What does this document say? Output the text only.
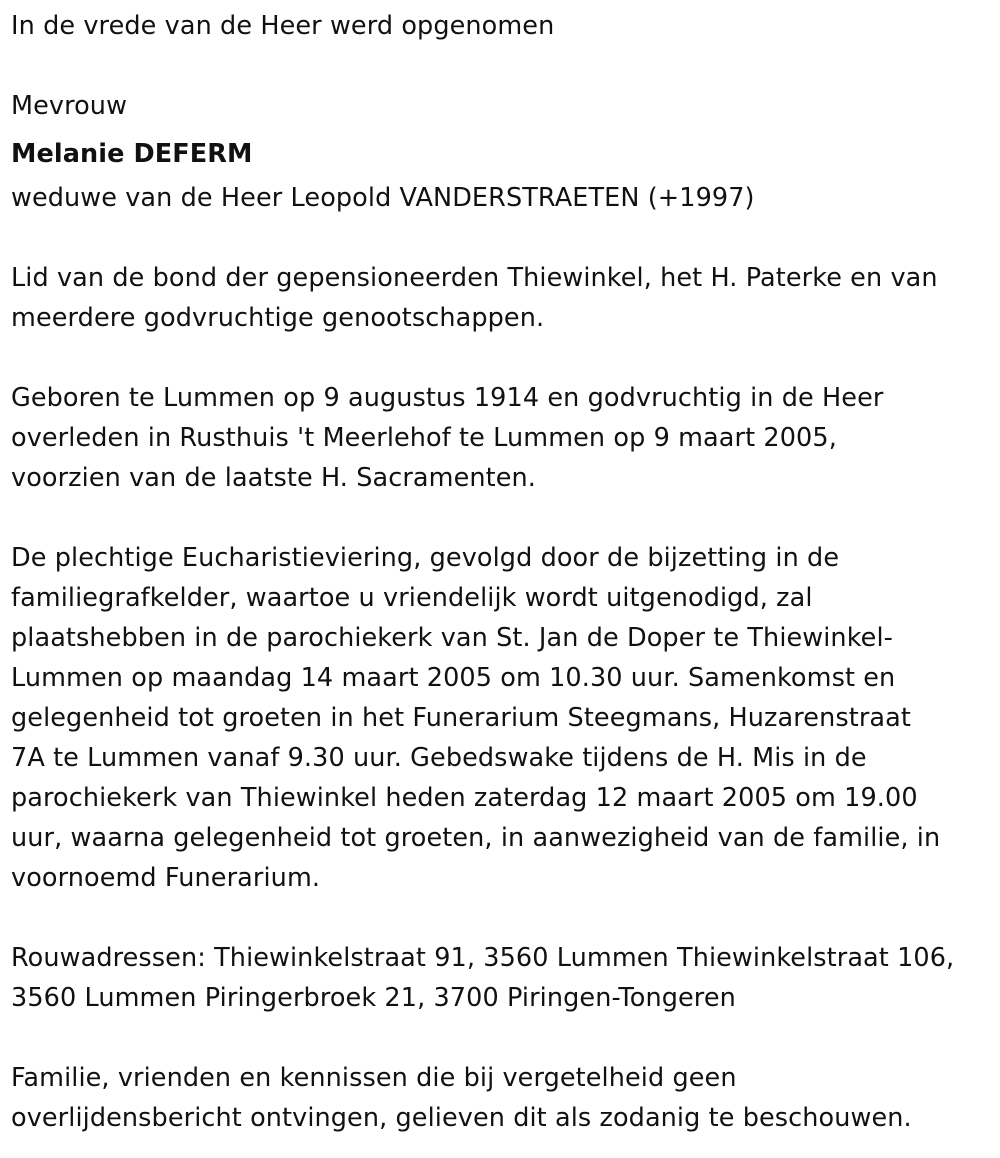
In de vrede van de Heer werd opgenomen

Mevrouw

Melanie DEFERM

weduwe van de Heer Leopold VANDERSTRAETEN (+1997)

Lid van de bond der gepensioneerden Thiewinkel, het H. Paterke en van

meerdere godvruchtige genootschappen.

Geboren te Lummen op 9 augustus 1914 en godvruchtig in de Heer

overleden in Rusthuis 't Meerlehof te Lummen op 9 maart 2005,

voorzien van de laatste H. Sacramenten.

De plechtige Eucharistieviering, gevolgd door de bijzetting in de

familiegrafkelder, waartoe u vriendelijk wordt uitgenodigd, zal

plaatshebben in de parochiekerk van St. Jan de Doper te Thiewinkel-

Lummen op maandag 14 maart 2005 om 10.30 uur. Samenkomst en

gelegenheid tot groeten in het Funerarium Steegmans, Huzarenstraat

7A te Lummen vanaf 9.30 uur. Gebedswake tijdens de H. Mis in de

parochiekerk van Thiewinkel heden zaterdag 12 maart 2005 om 19.00

uur, waarna gelegenheid tot groeten, in aanwezigheid van de familie, in

voornoemd Funerarium.

Rouwadressen: Thiewinkelstraat 91, 3560 Lummen Thiewinkelstraat 106,

3560 Lummen Piringerbroek 21, 3700 Piringen-Tongeren

Familie, vrienden en kennissen die bij vergetelheid geen

overlijdensbericht ontvingen, gelieven dit als zodanig te beschouwen.
